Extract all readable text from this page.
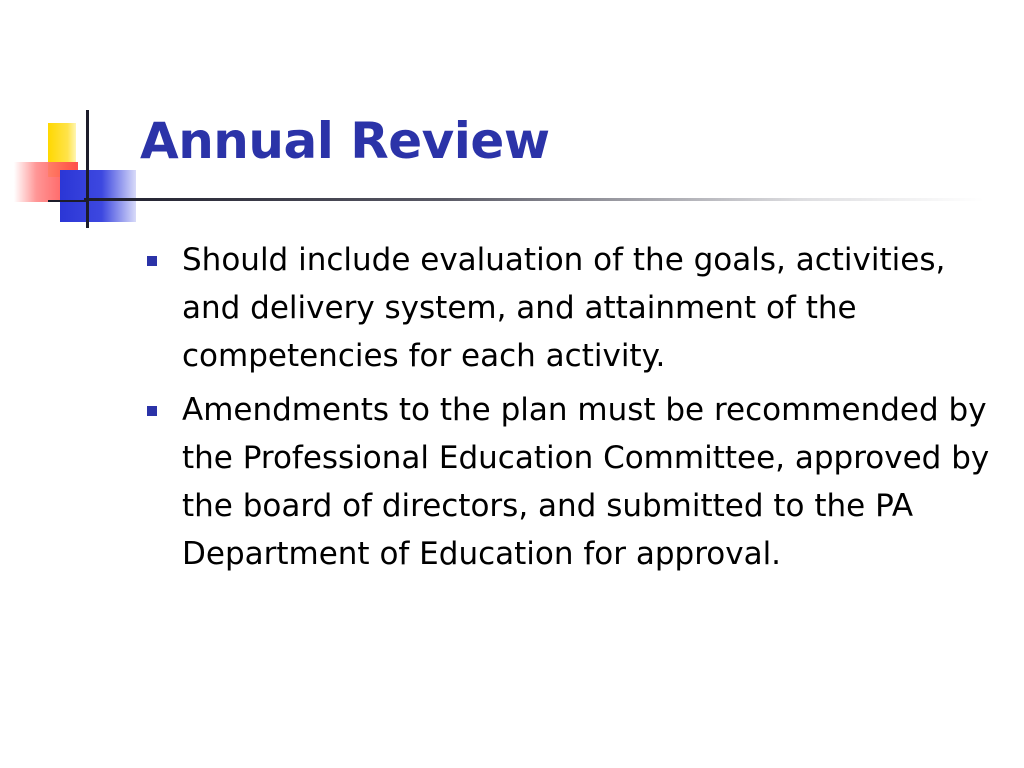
Annual Review
Should include evaluation of the goals, activities, and delivery system, and attainment of the competencies for each activity.
Amendments to the plan must be recommended by the Professional Education Committee, approved by the board of directors, and submitted to the PA Department of Education for approval.
